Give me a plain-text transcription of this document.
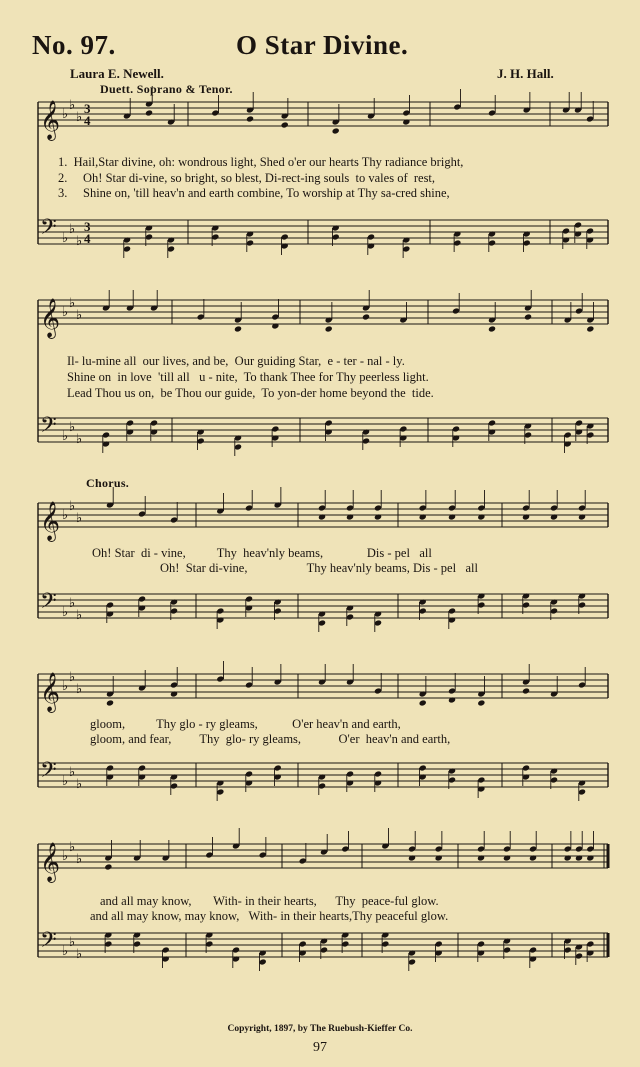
No. 97.	O Star Divine.
Laura E. Newell.	J. H. Hall.
Duett. Soprano & Tenor.
Chorus.
𝄞 ♭
♭
♭
3
4
𝄢 ♭
♭
♭
3
4
𝄞 ♭
♭
♭
𝄢 ♭
♭
♭
𝄞 ♭
♭
♭
𝄢 ♭
♭
♭
𝄞 ♭
♭
♭
𝄢 ♭
♭
♭
𝄞 ♭
♭
♭
𝄢 ♭
♭
♭
1.  Hail,Star divine, oh: wondrous light, Shed o'er our hearts Thy radiance bright,
2.     Oh! Star di-vine, so bright, so blest, Di-rect-ing souls  to vales of  rest,
3.     Shine on, 'till heav'n and earth combine, To worship at Thy sa-cred shine,
Il- lu-mine all  our lives, and be,  Our guiding Star,  e - ter - nal - ly.
Shine on  in love  'till all   u - nite,  To thank Thee for Thy peerless light.
Lead Thou us on,  be Thou our guide,  To yon-der home beyond the  tide.
Oh! Star  di - vine,          Thy  heav'nly beams,              Dis - pel   all
Oh!  Star di-vine,                   Thy heav'nly beams, Dis - pel   all
gloom,          Thy glo - ry gleams,           O'er heav'n and earth,
gloom, and fear,         Thy  glo- ry gleams,            O'er  heav'n and earth,
and all may know,       With- in their hearts,      Thy  peace-ful glow.
and all may know, may know,   With- in their hearts,Thy peaceful glow.
Copyright, 1897, by The Ruebush-Kieffer Co.
97
